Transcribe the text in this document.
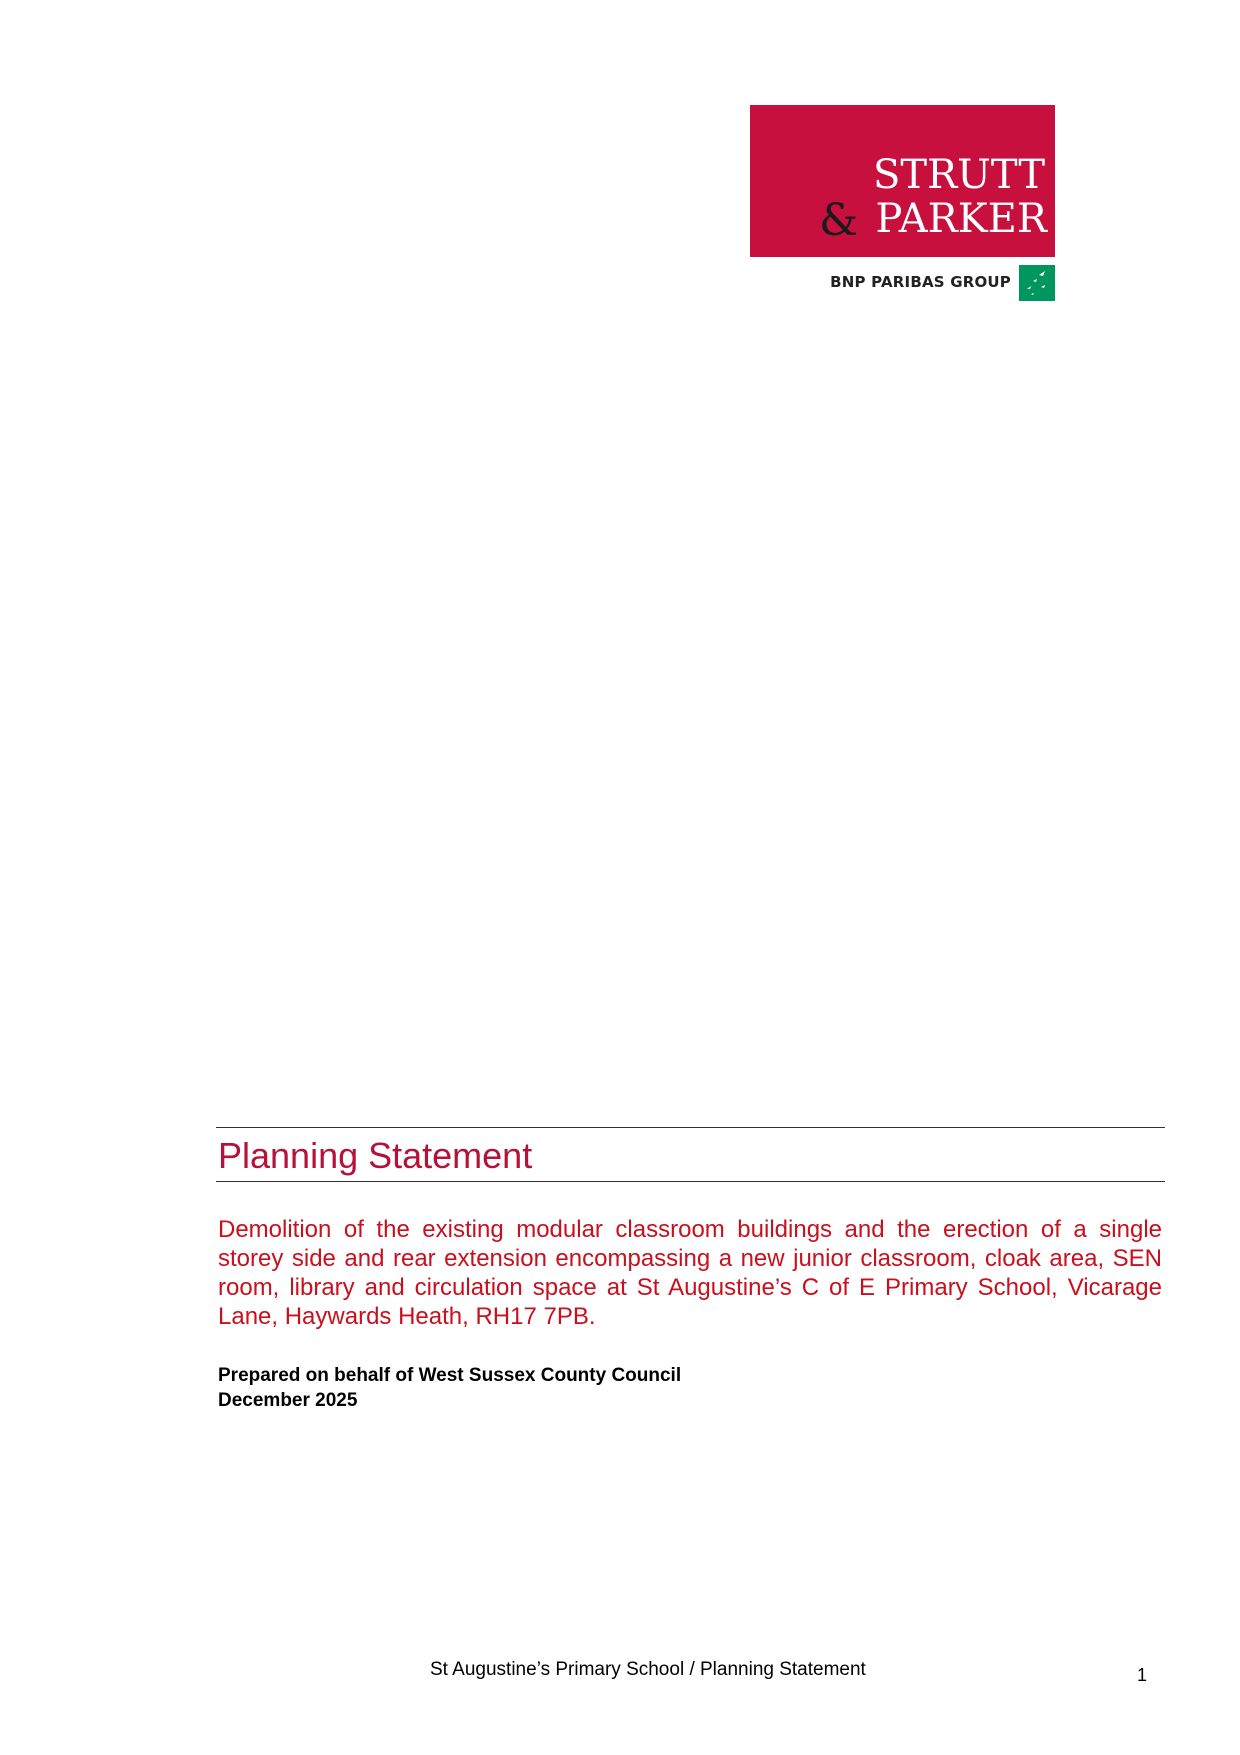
STRUTT
PARKER
&
BNP PARIBAS GROUP
Planning Statement

Demolition of the existing modular classroom buildings and the erection of a single storey side and rear extension encompassing a new junior classroom, cloak area, SEN room, library and circulation space at St Augustine’s C of E Primary School, Vicarage Lane, Haywards Heath, RH17 7PB.

Prepared on behalf of West Sussex County Council
December 2025
St Augustine’s Primary School / Planning Statement	1
